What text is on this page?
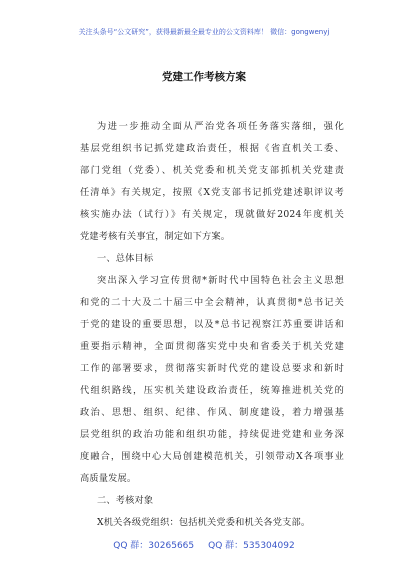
关注头条号“公文研究”，获得最新最全最专业的公文资料库！ 微信：gongwenyj
党建工作考核方案
为进一步推动全面从严治党各项任务落实落细，强化
基层党组织书记抓党建政治责任，根据《省直机关工委、
部门党组（党委）、机关党委和机关党支部抓机关党建责
任清单》有关规定，按照《X党支部书记抓党建述职评议考
核实施办法（试行）》有关规定，现就做好2024年度机关
党建考核有关事宜，制定如下方案。
一、总体目标
突出深入学习宣传贯彻*新时代中国特色社会主义思想
和党的二十大及二十届三中全会精神，认真贯彻*总书记关
于党的建设的重要思想，以及*总书记视察江苏重要讲话和
重要指示精神，全面贯彻落实党中央和省委关于机关党建
工作的部署要求，贯彻落实新时代党的建设总要求和新时
代组织路线，压实机关建设政治责任，统筹推进机关党的
政治、思想、组织、纪律、作风、制度建设，着力增强基
层党组织的政治功能和组织功能，持续促进党建和业务深
度融合，围绕中心大局创建模范机关，引领带动X各项事业
高质量发展。
二、考核对象
X机关各级党组织：包括机关党委和机关各党支部。
QQ 群：30265665 QQ 群：535304092
